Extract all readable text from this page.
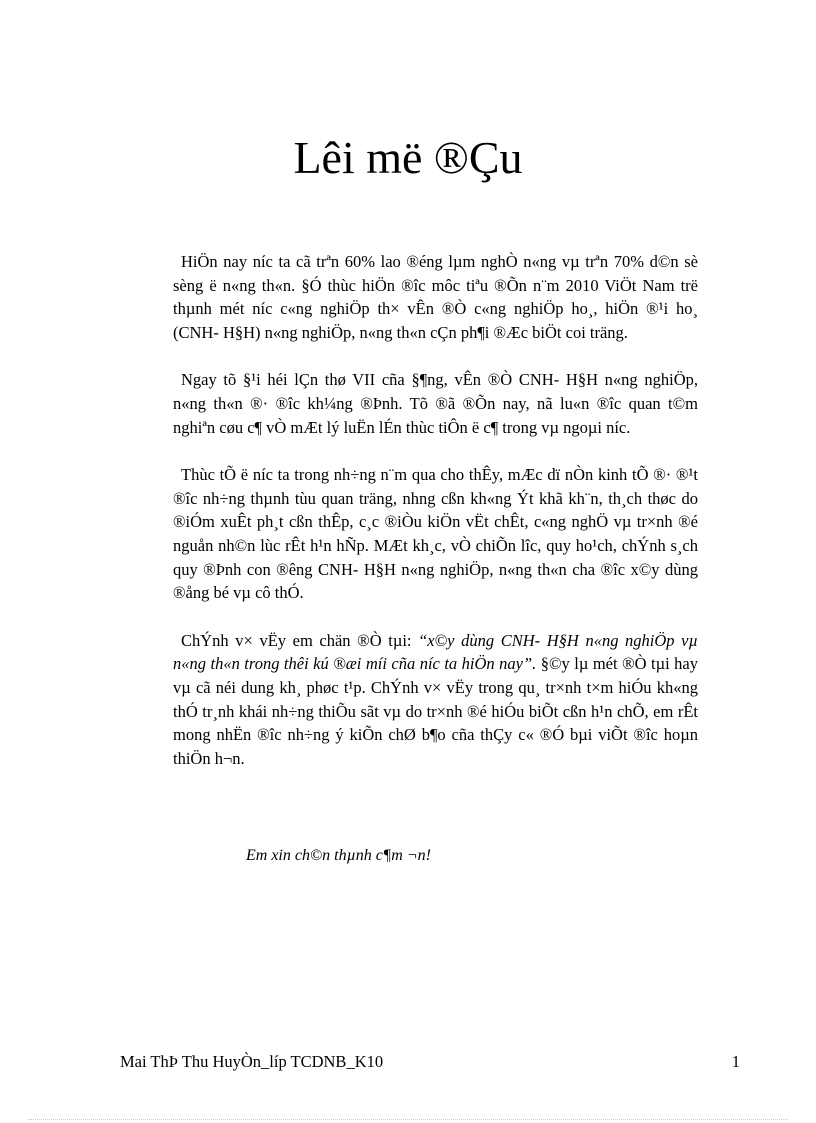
Lêi më ®Çu

HiÖn nay níc ta cã trªn 60% lao ®éng lµm nghÒ n«ng vµ trªn 70% d©n sè sèng ë n«ng th«n. §Ó thùc hiÖn ®îc môc tiªu ®Õn n¨m 2010 ViÖt Nam trë thµnh mét níc c«ng nghiÖp th× vÊn ®Ò c«ng nghiÖp ho¸, hiÖn ®¹i ho¸ (CNH- H§H) n«ng nghiÖp, n«ng th«n cÇn ph¶i ®Æc biÖt coi träng.

Ngay tõ §¹i héi lÇn thø VII cña §¶ng, vÊn ®Ò CNH- H§H n«ng nghiÖp, n«ng th«n ®· ®îc kh¼ng ®Þnh. Tõ ®ã ®Õn nay, nã lu«n ®îc quan t©m nghiªn cøu c¶ vÒ mÆt lý luËn lÉn thùc tiÔn ë c¶ trong vµ ngoµi níc.

Thùc tÕ ë níc ta trong nh÷ng n¨m qua cho thÊy, mÆc dï nÒn kinh tÕ ®· ®¹t ®îc nh÷ng thµnh tùu quan träng, nhng cßn kh«ng Ýt khã kh¨n, th¸ch thøc do ®iÓm xuÊt ph¸t cßn thÊp, c¸c ®iÒu kiÖn vËt chÊt, c«ng nghÖ vµ tr×nh ®é nguån nh©n lùc rÊt h¹n hÑp. MÆt kh¸c, vÒ chiÕn lîc, quy ho¹ch, chÝnh s¸ch quy ®Þnh con ®êng CNH- H§H n«ng nghiÖp, n«ng th«n cha ®îc x©y dùng ®ång bé vµ cô thÓ.

ChÝnh v× vËy em chän ®Ò tµi: “x©y dùng CNH- H§H n«ng nghiÖp vµ n«ng th«n trong thêi kú ®æi míi cña níc ta hiÖn nay”. §©y lµ mét ®Ò tµi hay vµ cã néi dung kh¸ phøc t¹p. ChÝnh v× vËy trong qu¸ tr×nh t×m hiÓu kh«ng thÓ tr¸nh khái nh÷ng thiÕu sãt vµ do tr×nh ®é hiÓu biÕt cßn h¹n chÕ, em rÊt mong nhËn ®îc nh÷ng ý kiÕn chØ b¶o cña thÇy c« ®Ó bµi viÕt ®îc hoµn thiÖn h¬n.

Em xin ch©n thµnh c¶m ¬n!
Mai ThÞ Thu HuyÒn_líp TCDNB_K10	1
